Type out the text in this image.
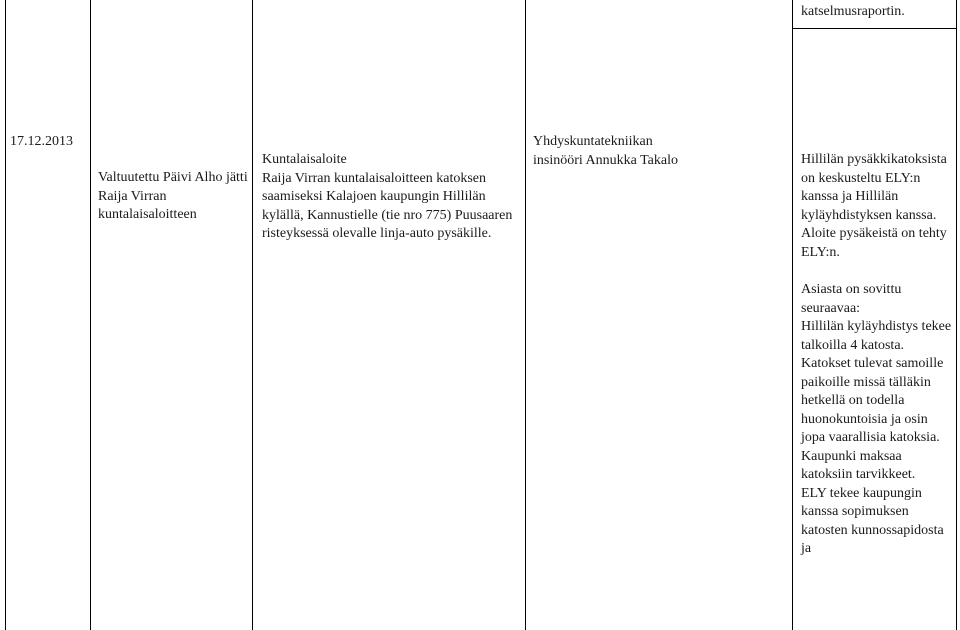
katselmusraportin.

17.12.2013

Valtuutettu Päivi Alho jätti Raija Virran kuntalaisaloitteen

Kuntalaisaloite

Raija Virran kuntalaisaloitteen katoksen saamiseksi Kalajoen kaupungin Hillilän kylällä, Kannustielle (tie nro 775) Puusaaren risteyksessä olevalle linja-auto pysäkille.

Yhdyskuntatekniikan insinööri Annukka Takalo	Hillilän pysäkkikatoksista on keskusteltu ELY:n kanssa ja Hillilän kyläyhdistyksen kanssa. Aloite pysäkeistä on tehty ELY:n.

Asiasta on sovittu seuraavaa:

Hillilän kyläyhdistys tekee talkoilla 4 katosta. Katokset tulevat samoille paikoille missä tälläkin hetkellä on todella huonokuntoisia ja osin jopa vaarallisia katoksia. Kaupunki maksaa katoksiin tarvikkeet.

ELY tekee kaupungin kanssa sopimuksen katosten kunnossapidosta ja
